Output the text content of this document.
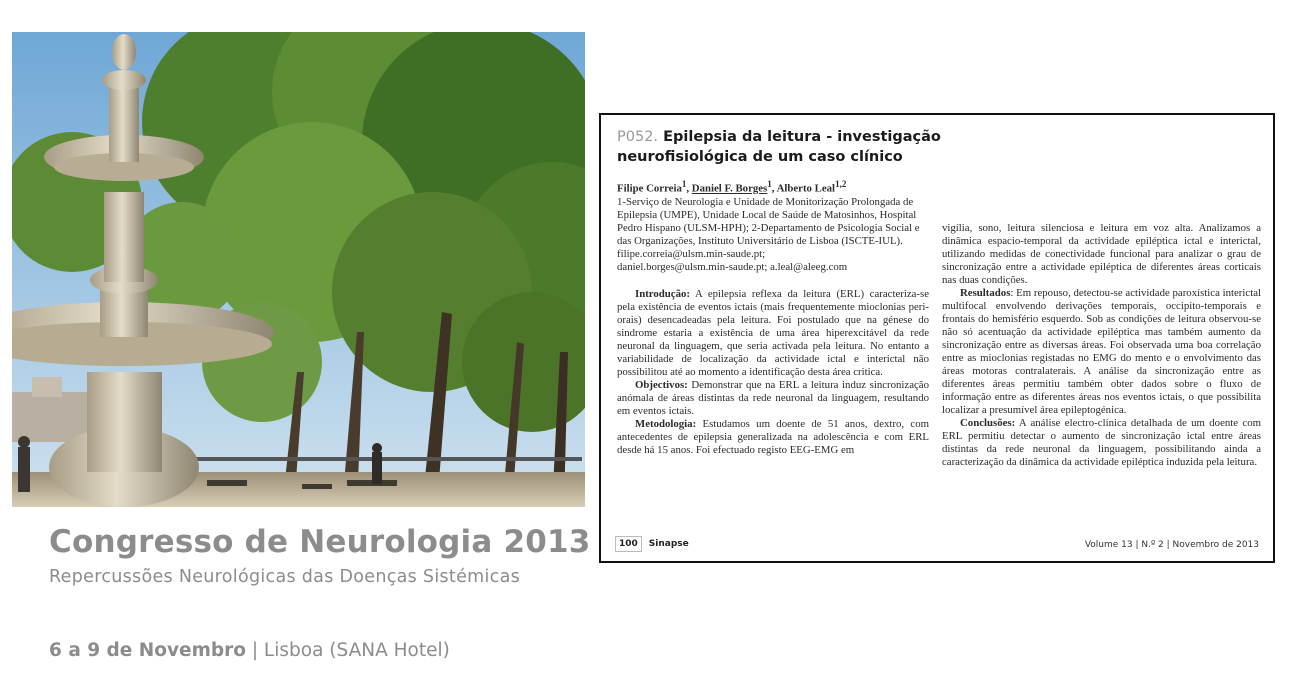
Congresso de Neurologia 2013
Repercussões Neurológicas das Doenças Sistémicas
6 a 9 de Novembro | Lisboa (SANA Hotel)
P052. Epilepsia da leitura - investigação neurofisiológica de um caso clínico

Filipe Correia$^1$, Daniel F. Borges$^1$, Alberto Leal$^{1,2}$

1-Serviço de Neurologia e Unidade de Monitorização Prolongada de Epilepsia (UMPE), Unidade Local de Saúde de Matosinhos, Hospital Pedro Hispano (ULSM-HPH); 2-Departamento de Psicologia Social e das Organizações, Instituto Universitário de Lisboa (ISCTE-IUL).

filipe.correia@ulsm.min-saude.pt;

daniel.borges@ulsm.min-saude.pt; a.leal@aleeg.com

Introdução: A epilepsia reflexa da leitura (ERL) caracteriza-se pela existência de eventos ictais (mais frequentemente mioclonias peri-orais) desencadeadas pela leitura. Foi postulado que na génese do sindrome estaria a existência de uma área hiperexcitável da rede neuronal da linguagem, que seria activada pela leitura. No entanto a variabilidade de localização da actividade ictal e interictal não possibilitou até ao momento a identificação desta área critica.

Objectivos: Demonstrar que na ERL a leitura induz sincronização anómala de áreas distintas da rede neuronal da linguagem, resultando em eventos ictais.

Metodologia: Estudamos um doente de 51 anos, dextro, com antecedentes de epilepsia generalizada na adolescência e com ERL desde há 15 anos. Foi efectuado registo EEG-EMG em

vigília, sono, leitura silenciosa e leitura em voz alta. Analizamos a dinâmica espacio-temporal da actividade epiléptica ictal e interictal, utilizando medidas de conectividade funcional para analizar o grau de sincronização entre a actividade epiléptica de diferentes áreas corticais nas duas condições.

Resultados: Em repouso, detectou-se actividade paroxística interictal multifocal envolvendo derivações temporais, occipito-temporais e frontais do hemisfério esquerdo. Sob as condições de leitura observou-se não só acentuação da actividade epiléptica mas também aumento da sincronização entre as diversas áreas. Foi observada uma boa correlação entre as mioclonias registadas no EMG do mento e o envolvimento das áreas motoras contralaterais. A análise da sincronização entre as diferentes áreas permitiu também obter dados sobre o fluxo de informação entre as diferentes áreas nos eventos ictais, o que possibilita localizar a presumível área epileptogénica.

Conclusões: A análise electro-clínica detalhada de um doente com ERL permitiu detectar o aumento de sincronização ictal entre áreas distintas da rede neuronal da linguagem, possibilitando ainda a caracterização da dinâmica da actividade epiléptica induzida pela leitura.

100	Sinapse	Volume 13 | N.º 2 | Novembro de 2013
